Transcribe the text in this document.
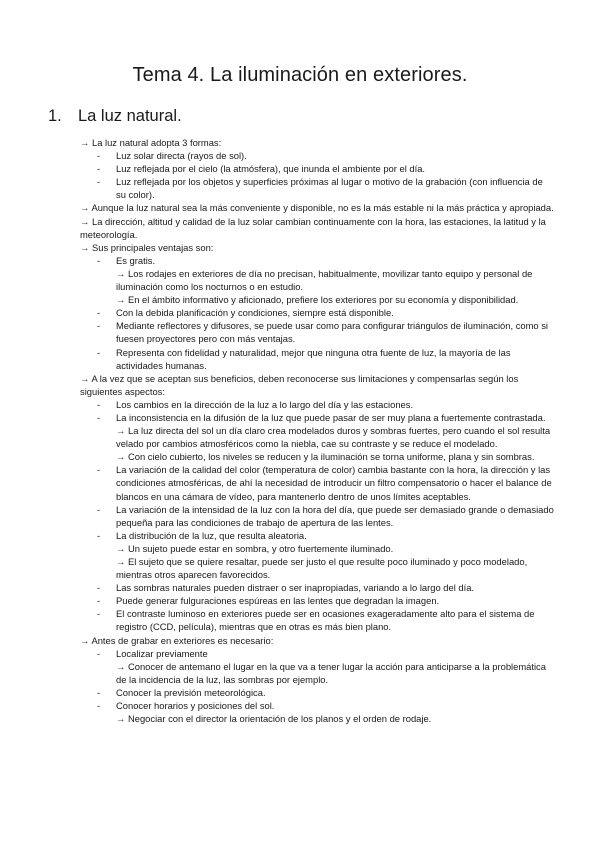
Tema 4. La iluminación en exteriores.
1. La luz natural.

→ La luz natural adopta 3 formas:

- Luz solar directa (rayos de sol).

- Luz reflejada por el cielo (la atmósfera), que inunda el ambiente por el día.

- Luz reflejada por los objetos y superficies próximas al lugar o motivo de la grabación (con influencia de su color).

→ Aunque la luz natural sea la más conveniente y disponible, no es la más estable ni la más práctica y apropiada.

→ La dirección, altitud y calidad de la luz solar cambian continuamente con la hora, las estaciones, la latitud y la meteorología.

→ Sus principales ventajas son:

- Es gratis.
→ Los rodajes en exteriores de día no precisan, habitualmente, movilizar tanto equipo y personal de iluminación como los nocturnos o en estudio.
→ En el ámbito informativo y aficionado, prefiere los exteriores por su economía y disponibilidad.

- Con la debida planificación y condiciones, siempre está disponible.

- Mediante reflectores y difusores, se puede usar como para configurar triángulos de iluminación, como si fuesen proyectores pero con más ventajas.

- Representa con fidelidad y naturalidad, mejor que ninguna otra fuente de luz, la mayoría de las actividades humanas.

→ A la vez que se aceptan sus beneficios, deben reconocerse sus limitaciones y compensarlas según los siguientes aspectos:

- Los cambios en la dirección de la luz a lo largo del día y las estaciones.

- La inconsistencia en la difusión de la luz que puede pasar de ser muy plana a fuertemente contrastada.
→ La luz directa del sol un día claro crea modelados duros y sombras fuertes, pero cuando el sol resulta velado por cambios atmosféricos como la niebla, cae su contraste y se reduce el modelado.
→ Con cielo cubierto, los niveles se reducen y la iluminación se torna uniforme, plana y sin sombras.

- La variación de la calidad del color (temperatura de color) cambia bastante con la hora, la dirección y las condiciones atmosféricas, de ahí la necesidad de introducir un filtro compensatorio o hacer el balance de blancos en una cámara de vídeo, para mantenerlo dentro de unos límites aceptables.

- La variación de la intensidad de la luz con la hora del día, que puede ser demasiado grande o demasiado pequeña para las condiciones de trabajo de apertura de las lentes.

- La distribución de la luz, que resulta aleatoria.
→ Un sujeto puede estar en sombra, y otro fuertemente iluminado.
→ El sujeto que se quiere resaltar, puede ser justo el que resulte poco iluminado y poco modelado, mientras otros aparecen favorecidos.

- Las sombras naturales pueden distraer o ser inapropiadas, variando a lo largo del día.

- Puede generar fulguraciones espúreas en las lentes que degradan la imagen.

- El contraste luminoso en exteriores puede ser en ocasiones exageradamente alto para el sistema de registro (CCD, película), mientras que en otras es más bien plano.

→ Antes de grabar en exteriores es necesario:

- Localizar previamente
→ Conocer de antemano el lugar en la que va a tener lugar la acción para anticiparse a la problemática de la incidencia de la luz, las sombras por ejemplo.

- Conocer la previsión meteorológica.

- Conocer horarios y posiciones del sol.
→ Negociar con el director la orientación de los planos y el orden de rodaje.
